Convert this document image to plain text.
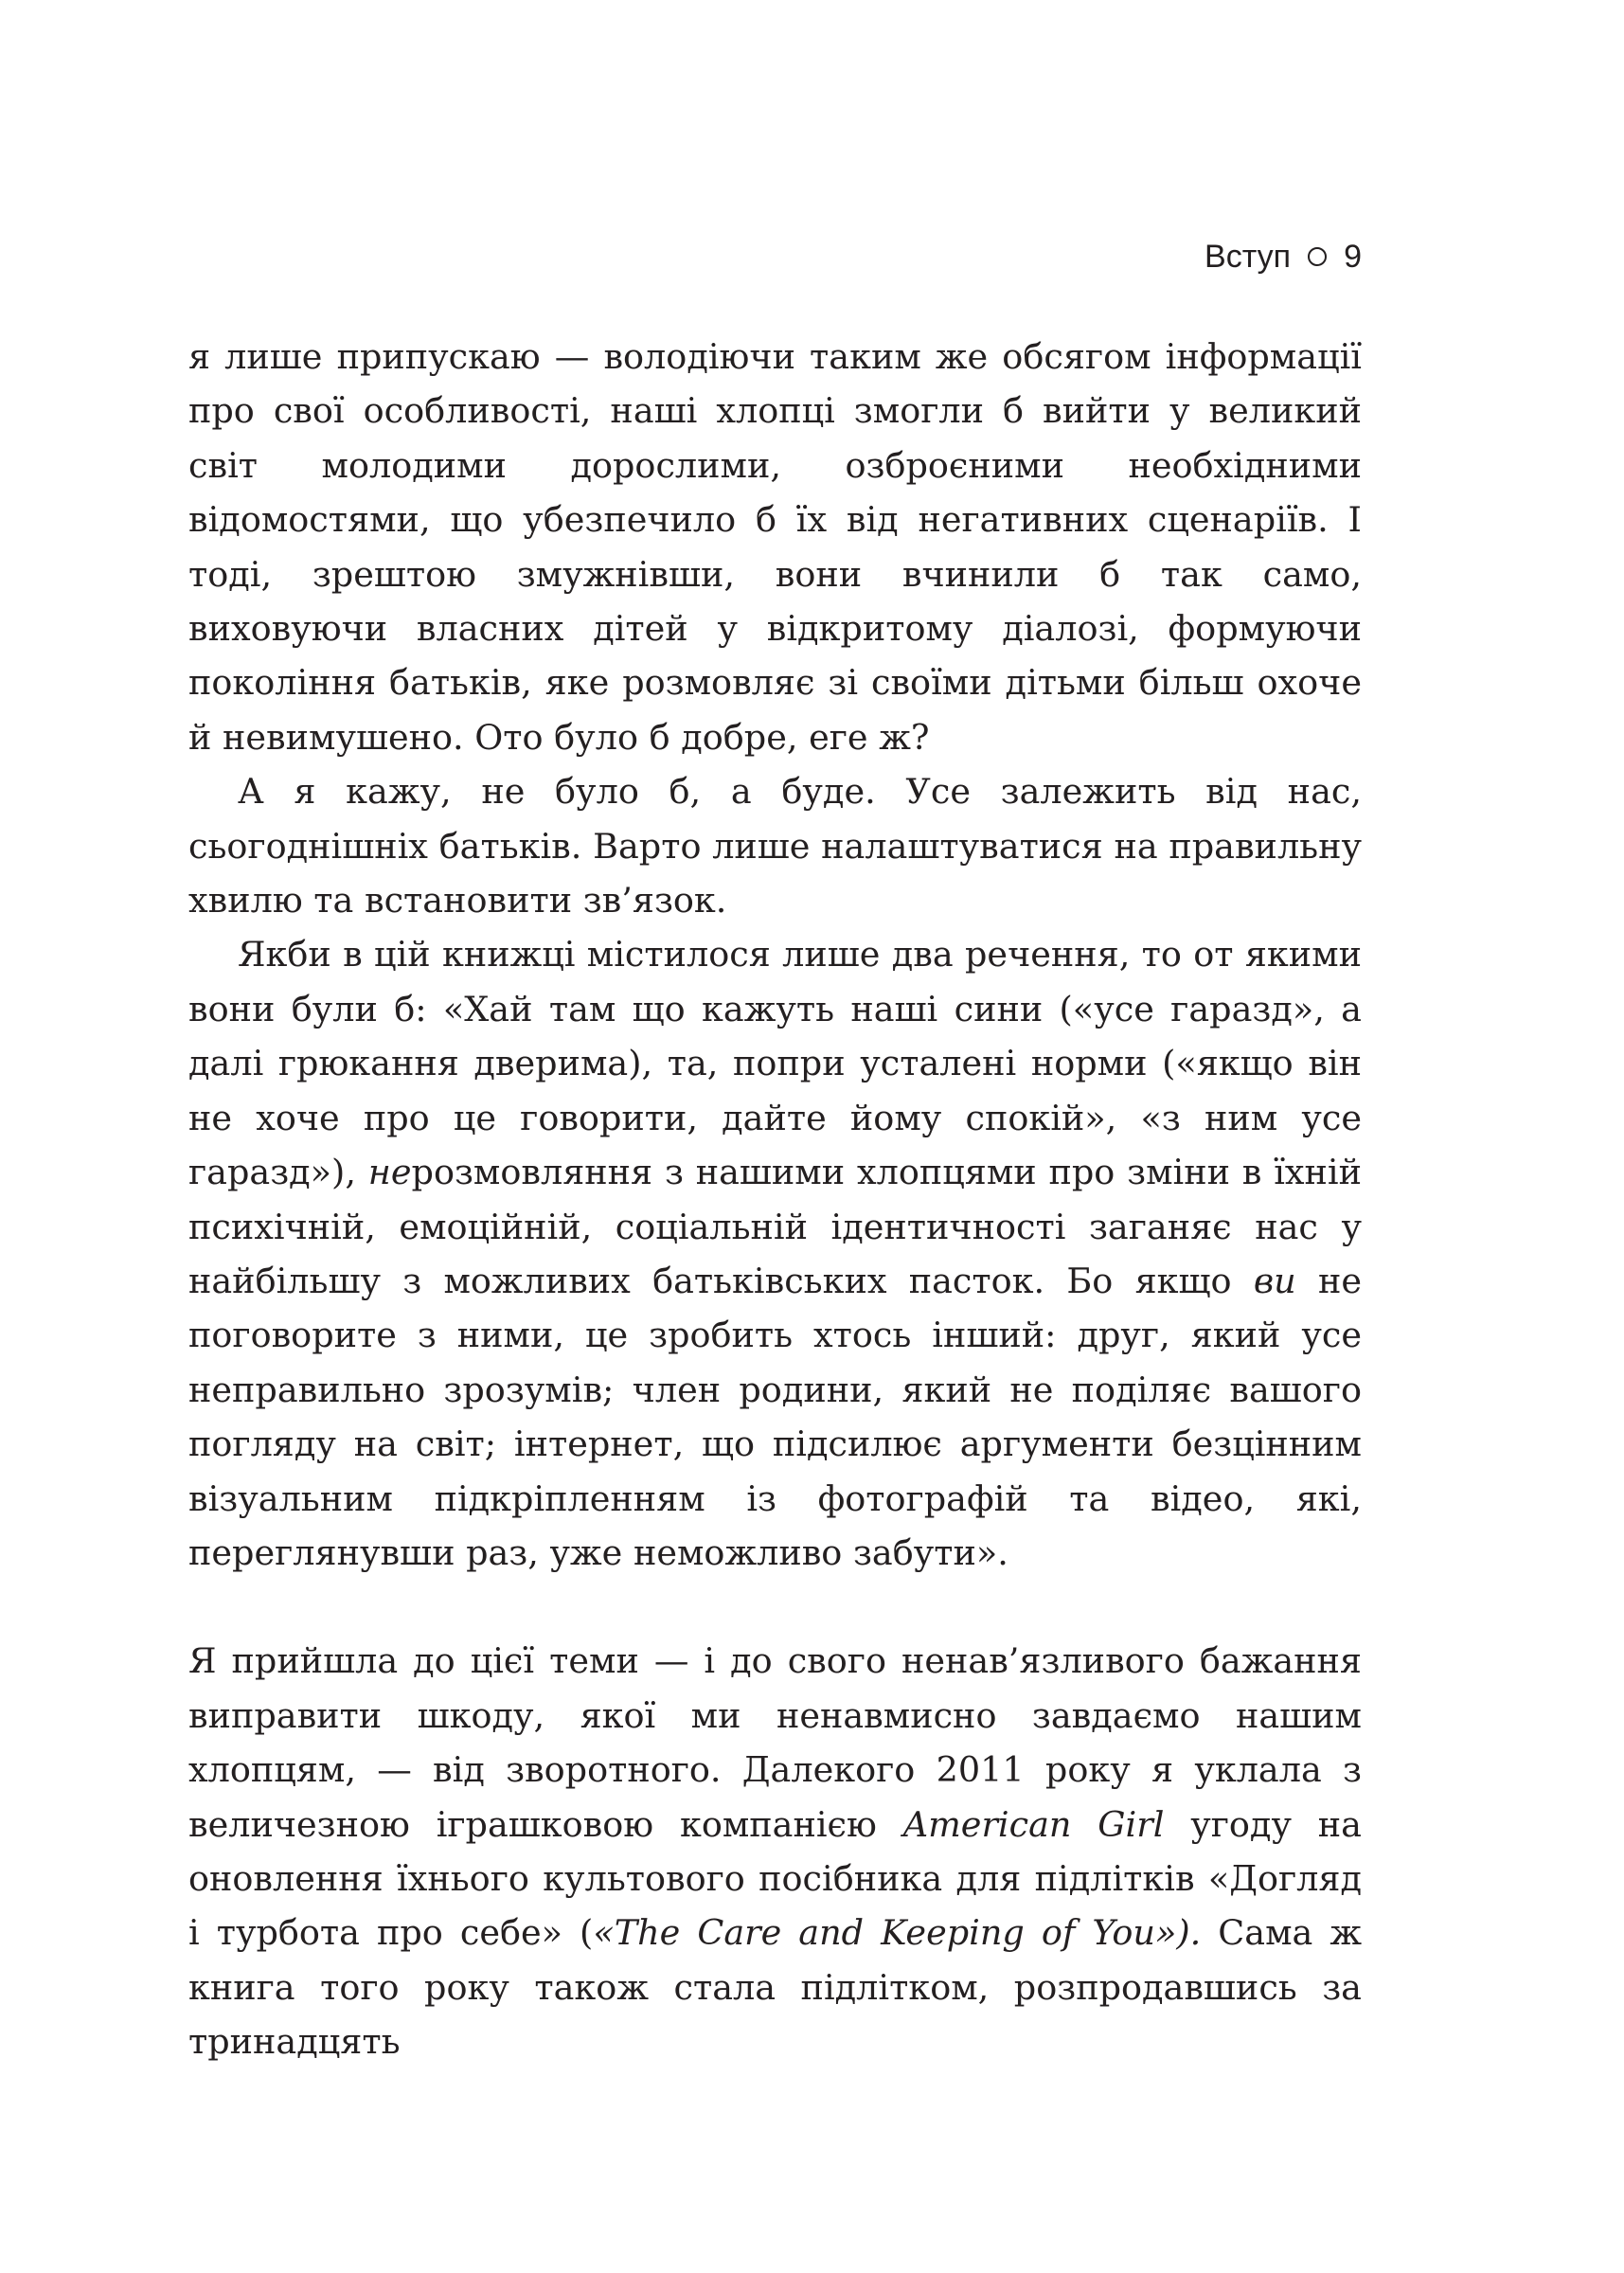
Вступ 9

я лише припускаю — володіючи таким же обсягом інформації про свої особливості, наші хлопці змогли б вийти у великий світ молодими дорослими, озброєними необхідними відомостями, що убезпечило б їх від негативних сценаріїв. І тоді, зрештою змужнівши, вони вчинили б так само, виховуючи власних дітей у відкритому діалозі, формуючи покоління батьків, яке розмовляє зі своїми дітьми більш охоче й невимушено. Ото було б добре, еге ж?

А я кажу, не було б, а буде. Усе залежить від нас, сьогоднішніх батьків. Варто лише налаштуватися на правильну хвилю та встановити зв’язок.

Якби в цій книжці містилося лише два речення, то от якими вони були б: «Хай там що кажуть наші сини («усе гаразд», а далі грюкання дверима), та, попри усталені норми («якщо він не хоче про це говорити, дайте йому спокій», «з ним усе гаразд»), нерозмовляння з нашими хлопцями про зміни в їхній психічній, емоційній, соціальній ідентичності заганяє нас у найбільшу з можливих батьківських пасток. Бо якщо ви не поговорите з ними, це зробить хтось інший: друг, який усе неправильно зрозумів; член родини, який не поділяє вашого погляду на світ; інтернет, що підсилює аргументи безцінним візуальним підкріпленням із фотографій та відео, які, переглянувши раз, уже неможливо забути».

Я прийшла до цієї теми — і до свого ненав’язливого бажання виправити шкоду, якої ми ненавмисно завдаємо нашим хлопцям, — від зворотного. Далекого 2011 року я уклала з величезною іграшковою компанією American Girl угоду на оновлення їхнього культового посібника для підлітків «Догляд і турбота про себе» («The Care and Keeping of You»). Сама ж книга того року також стала підлітком, розпродавшись за тринадцять
